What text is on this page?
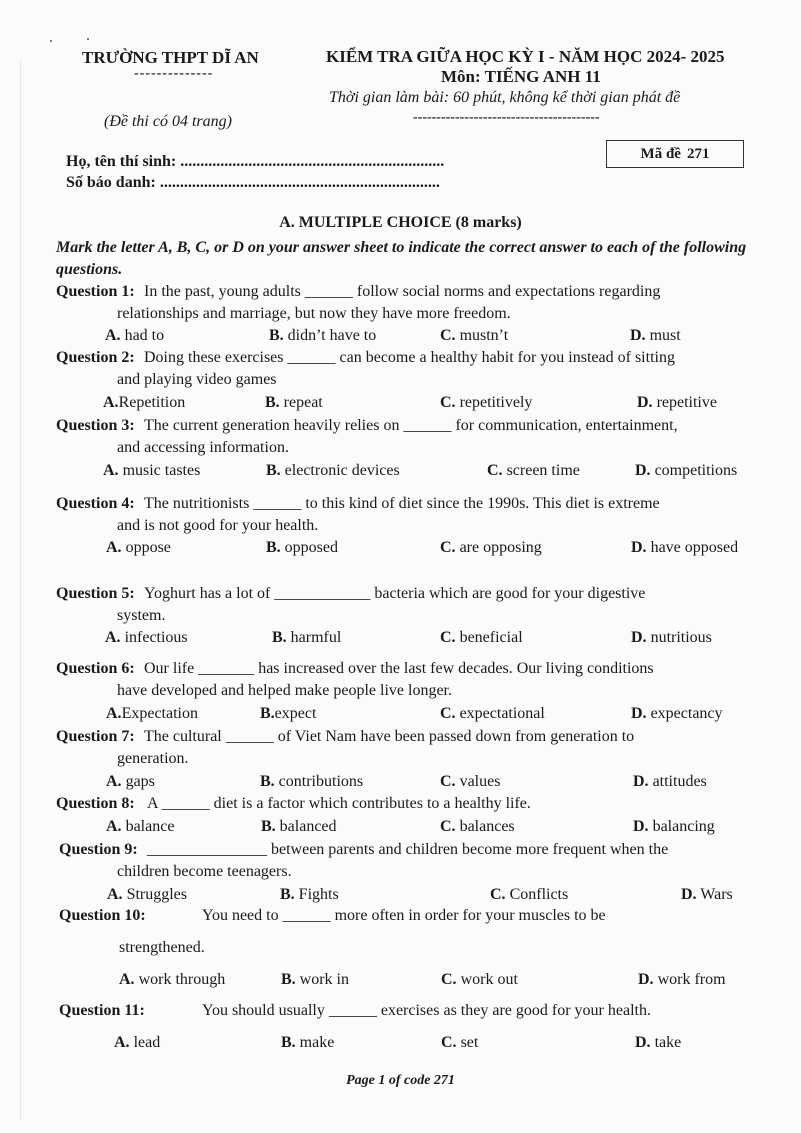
TRƯỜNG THPT DĨ AN
--------------
(Đề thi có 04 trang)
KIỂM TRA GIỮA HỌC KỲ I - NĂM HỌC 2024- 2025
Môn: TIẾNG ANH 11
Thời gian làm bài: 60 phút, không kể thời gian phát đề
----------------------------------------
Mã đề 271
Họ, tên thí sinh: ..................................................................
Số báo danh: ......................................................................
A. MULTIPLE CHOICE (8 marks)
Mark the letter A, B, C, or D on your answer sheet to indicate the correct answer to each of the following questions.
Question 1: In the past, young adults ______ follow social norms and expectations regarding
relationships and marriage, but now they have more freedom.
A. had to	B. didn’t have to	C. mustn’t	D. must
Question 2: Doing these exercises ______ can become a healthy habit for you instead of sitting
and playing video games
A.Repetition	B. repeat	C. repetitively	D. repetitive
Question 3: The current generation heavily relies on ______ for communication, entertainment,
and accessing information.
A. music tastes	B. electronic devices	C. screen time	D. competitions
Question 4: The nutritionists ______ to this kind of diet since the 1990s. This diet is extreme
and is not good for your health.
A. oppose	B. opposed	C. are opposing	D. have opposed
Question 5: Yoghurt has a lot of ____________ bacteria which are good for your digestive
system.
A. infectious	B. harmful	C. beneficial	D. nutritious
Question 6: Our life _______ has increased over the last few decades. Our living conditions
have developed and helped make people live longer.
A.Expectation	B.expect	C. expectational	D. expectancy
Question 7: The cultural ______ of Viet Nam have been passed down from generation to
generation.
A. gaps	B. contributions	C. values	D. attitudes
Question 8: A ______ diet is a factor which contributes to a healthy life.
A. balance	B. balanced	C. balances	D. balancing
Question 9: _______________ between parents and children become more frequent when the
children become teenagers.
A. Struggles	B. Fights	C. Conflicts	D. Wars
Question 10:	You need to ______ more often in order for your muscles to be
strengthened.
A. work through	B. work in	C. work out	D. work from
Question 11:	You should usually ______ exercises as they are good for your health.
A. lead	B. make	C. set	D. take
Page 1 of code 271
